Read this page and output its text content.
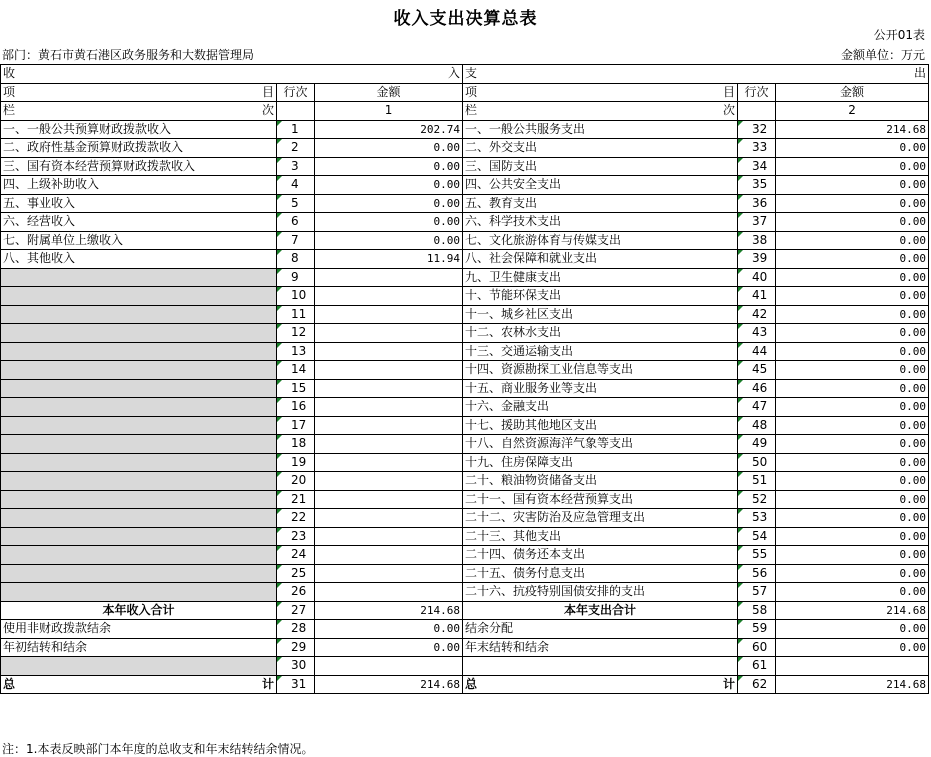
收入支出决算总表
公开01表
部门：黄石市黄石港区政务服务和大数据管理局	金额单位：万元
收 入			支 出		

项 目	行次	金额	项 目	行次	金额

栏 次		1	栏 次		2
一、一般公共预算财政拨款收入	1	202.74	一、一般公共服务支出	32	214.68
二、政府性基金预算财政拨款收入	2	0.00	二、外交支出	33	0.00
三、国有资本经营预算财政拨款收入	3	0.00	三、国防支出	34	0.00
四、上级补助收入	4	0.00	四、公共安全支出	35	0.00
五、事业收入	5	0.00	五、教育支出	36	0.00
六、经营收入	6	0.00	六、科学技术支出	37	0.00
七、附属单位上缴收入	7	0.00	七、文化旅游体育与传媒支出	38	0.00
八、其他收入	8	11.94	八、社会保障和就业支出	39	0.00
	9		九、卫生健康支出	40	0.00
	10		十、节能环保支出	41	0.00
	11		十一、城乡社区支出	42	0.00
	12		十二、农林水支出	43	0.00
	13		十三、交通运输支出	44	0.00
	14		十四、资源勘探工业信息等支出	45	0.00
	15		十五、商业服务业等支出	46	0.00
	16		十六、金融支出	47	0.00
	17		十七、援助其他地区支出	48	0.00
	18		十八、自然资源海洋气象等支出	49	0.00
	19		十九、住房保障支出	50	0.00
	20		二十、粮油物资储备支出	51	0.00
	21		二十一、国有资本经营预算支出	52	0.00
	22		二十二、灾害防治及应急管理支出	53	0.00
	23		二十三、其他支出	54	0.00
	24		二十四、债务还本支出	55	0.00
	25		二十五、债务付息支出	56	0.00
	26		二十六、抗疫特别国债安排的支出	57	0.00
本年收入合计	27	214.68	本年支出合计	58	214.68
使用非财政拨款结余	28	0.00	结余分配	59	0.00
年初结转和结余	29	0.00	年末结转和结余	60	0.00
	30			61	

总 计	31	214.68	总 计	62	214.68
注：1.本表反映部门本年度的总收支和年末结转结余情况。
